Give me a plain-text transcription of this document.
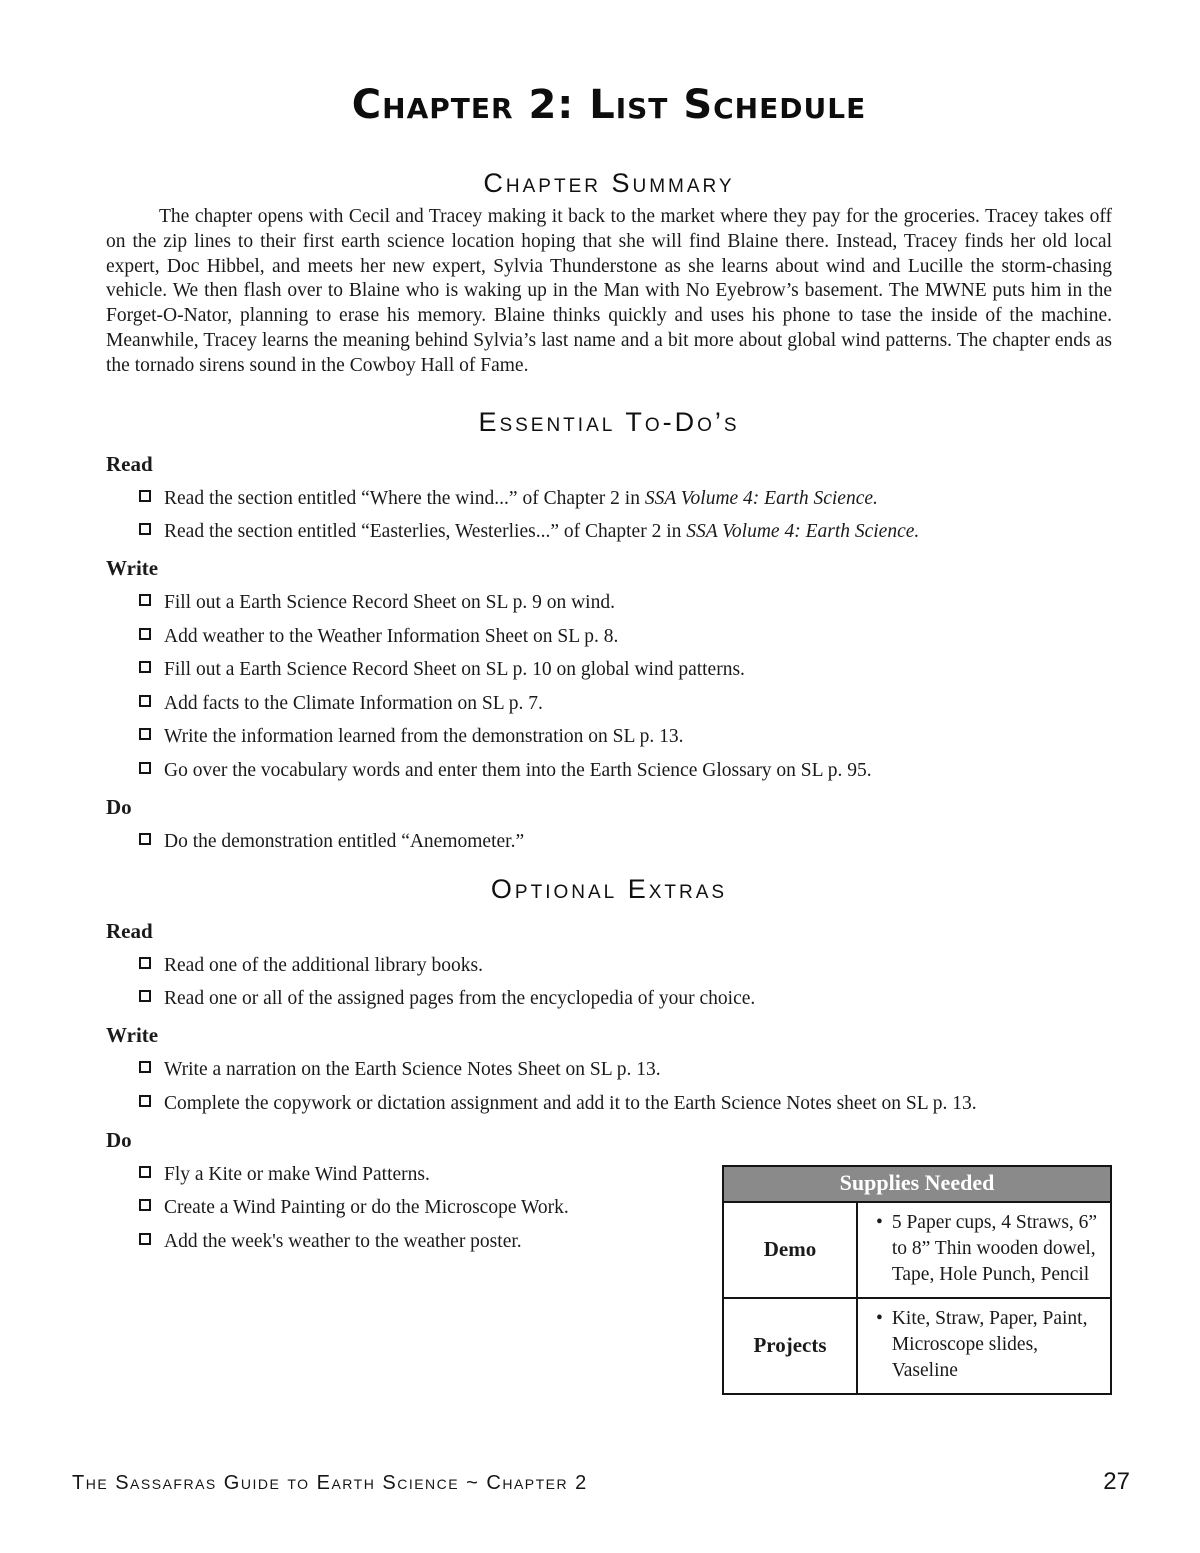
Chapter 2: List Schedule
Chapter Summary

The chapter opens with Cecil and Tracey making it back to the market where they pay for the groceries. Tracey takes off on the zip lines to their first earth science location hoping that she will find Blaine there. Instead, Tracey finds her old local expert, Doc Hibbel, and meets her new expert, Sylvia Thunderstone as she learns about wind and Lucille the storm-chasing vehicle. We then flash over to Blaine who is waking up in the Man with No Eyebrow’s basement. The MWNE puts him in the Forget-O-Nator, planning to erase his memory. Blaine thinks quickly and uses his phone to tase the inside of the machine. Meanwhile, Tracey learns the meaning behind Sylvia’s last name and a bit more about global wind patterns. The chapter ends as the tornado sirens sound in the Cowboy Hall of Fame.

Essential To-Do’s
Read
Read the section entitled “Where the wind...” of Chapter 2 in SSA Volume 4: Earth Science.
Read the section entitled “Easterlies, Westerlies...” of Chapter 2 in SSA Volume 4: Earth Science.
Write
Fill out a Earth Science Record Sheet on SL p. 9 on wind.
Add weather to the Weather Information Sheet on SL p. 8.
Fill out a Earth Science Record Sheet on SL p. 10 on global wind patterns.
Add facts to the Climate Information on SL p. 7.
Write the information learned from the demonstration on SL p. 13.
Go over the vocabulary words and enter them into the Earth Science Glossary on SL p. 95.
Do
Do the demonstration entitled “Anemometer.”
Optional Extras
Read
Read one of the additional library books.
Read one or all of the assigned pages from the encyclopedia of your choice.
Write
Write a narration on the Earth Science Notes Sheet on SL p. 13.
Complete the copywork or dictation assignment and add it to the Earth Science Notes sheet on SL p. 13.
Do
Fly a Kite or make Wind Patterns.
Create a Wind Painting or do the Microscope Work.
Add the week's weather to the weather poster.
Supplies Needed	
Demo	• 5 Paper cups, 4 Straws, 6” to 8” Thin wooden dowel, Tape, Hole Punch, Pencil

Projects	• Kite, Straw, Paper, Paint, Microscope slides, Vaseline
The Sassafras Guide to Earth Science ~ Chapter 2	27
